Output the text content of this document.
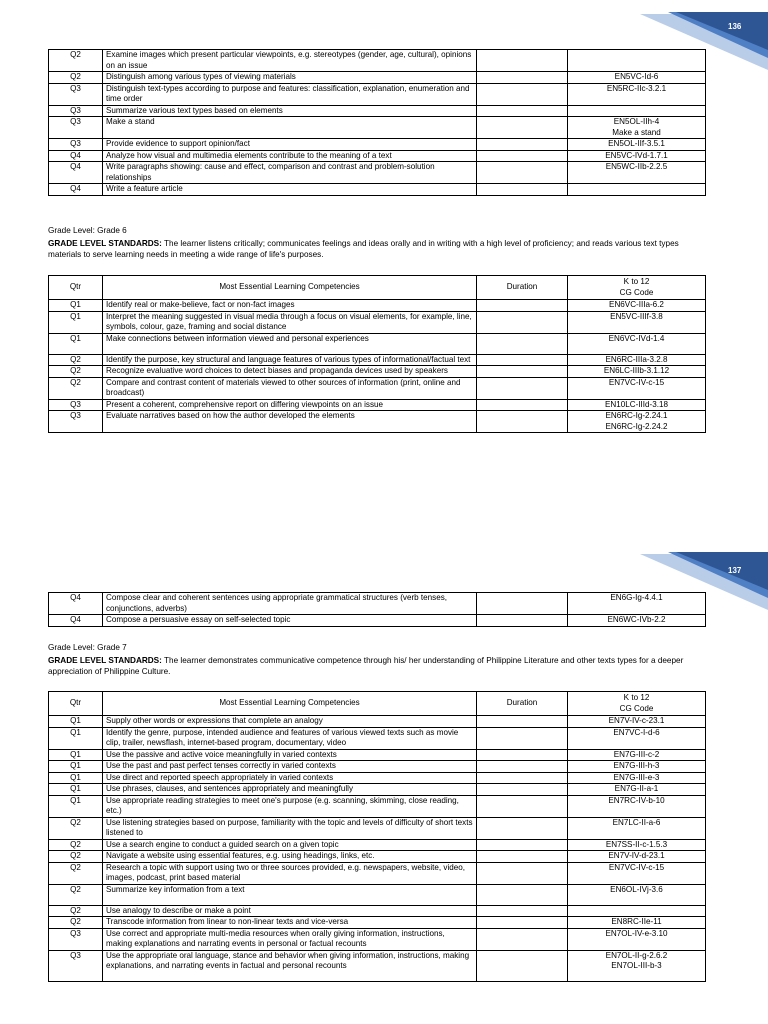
136
Q2	Examine images which present particular viewpoints, e.g. stereotypes (gender, age, cultural), opinions on an issue		

Q2	Distinguish among various types of viewing materials		EN5VC-Id-6

Q3	Distinguish text-types according to purpose and features: classification, explanation, enumeration and time order		EN5RC-IIc-3.2.1

Q3	Summarize various text types based on elements		

Q3	Make a stand		EN5OL-IIh-4
Make a stand

Q3	Provide evidence to support opinion/fact		EN5OL-IIf-3.5.1

Q4	Analyze how visual and multimedia elements contribute to the meaning of a text		EN5VC-IVd-1.7.1

Q4	Write paragraphs showing: cause and effect, comparison and contrast and problem-solution relationships		EN5WC-IIb-2.2.5

Q4	Write a feature article		
Grade Level: Grade 6
GRADE LEVEL STANDARDS: The learner listens critically; communicates feelings and ideas orally and in writing with a high level of proficiency; and reads various text types materials to serve learning needs in meeting a wide range of life's purposes.
Qtr	Most Essential Learning Competencies	Duration	K to 12
CG Code

Q1	Identify real or make-believe, fact or non-fact images		EN6VC-IIIa-6.2

Q1	Interpret the meaning suggested in visual media through a focus on visual elements, for example, line, symbols, colour, gaze, framing and social distance		EN5VC-IIIf-3.8

Q1	Make connections between information viewed and personal experiences		EN6VC-IVd-1.4

Q2	Identify the purpose, key structural and language features of various types of informational/factual text		EN6RC-IIIa-3.2.8

Q2	Recognize evaluative word choices to detect biases and propaganda devices used by speakers		EN6LC-IIIb-3.1.12

Q2	Compare and contrast content of materials viewed to other sources of information (print, online and broadcast)		EN7VC-IV-c-15

Q3	Present a coherent, comprehensive report on differing viewpoints on an issue		EN10LC-IIId-3.18

Q3	Evaluate narratives based on how the author developed the elements		EN6RC-Ig-2.24.1
EN6RC-Ig-2.24.2
137
Q4	Compose clear and coherent sentences using appropriate grammatical structures (verb tenses, conjunctions, adverbs)		EN6G-Ig-4.4.1

Q4	Compose a persuasive essay on self-selected topic		EN6WC-IVb-2.2
Grade Level: Grade 7
GRADE LEVEL STANDARDS: The learner demonstrates communicative competence through his/ her understanding of Philippine Literature and other texts types for a deeper appreciation of Philippine Culture.
Qtr	Most Essential Learning Competencies	Duration	K to 12
CG Code

Q1	Supply other words or expressions that complete an analogy		EN7V-IV-c-23.1

Q1	Identify the genre, purpose, intended audience and features of various viewed texts such as movie clip, trailer, newsflash, internet-based program, documentary, video		EN7VC-I-d-6

Q1	Use the passive and active voice meaningfully in varied contexts		EN7G-III-c-2

Q1	Use the past and past perfect tenses correctly in varied contexts		EN7G-III-h-3

Q1	Use direct and reported speech appropriately in varied contexts		EN7G-III-e-3

Q1	Use phrases, clauses, and sentences appropriately and meaningfully		EN7G-II-a-1

Q1	Use appropriate reading strategies to meet one's purpose (e.g. scanning, skimming, close reading, etc.)		EN7RC-IV-b-10

Q2	Use listening strategies based on purpose, familiarity with the topic and levels of difficulty of short texts listened to		EN7LC-II-a-6

Q2	Use a search engine to conduct a guided search on a given topic		EN7SS-II-c-1.5.3

Q2	Navigate a website using essential features, e.g. using headings, links, etc.		EN7V-IV-d-23.1

Q2	Research a topic with support using two or three sources provided, e.g. newspapers, website, video, images, podcast, print based material		EN7VC-IV-c-15

Q2	Summarize key information from a text		EN6OL-IVj-3.6

Q2	Use analogy to describe or make a point		

Q2	Transcode information from linear to non-linear texts and vice-versa		EN8RC-IIe-11

Q3	Use correct and appropriate multi-media resources when orally giving information, instructions, making explanations and narrating events in personal or factual recounts		EN7OL-IV-e-3.10

Q3	Use the appropriate oral language, stance and behavior when giving information, instructions, making explanations, and narrating events in factual and personal recounts		EN7OL-II-g-2.6.2
EN7OL-III-b-3
